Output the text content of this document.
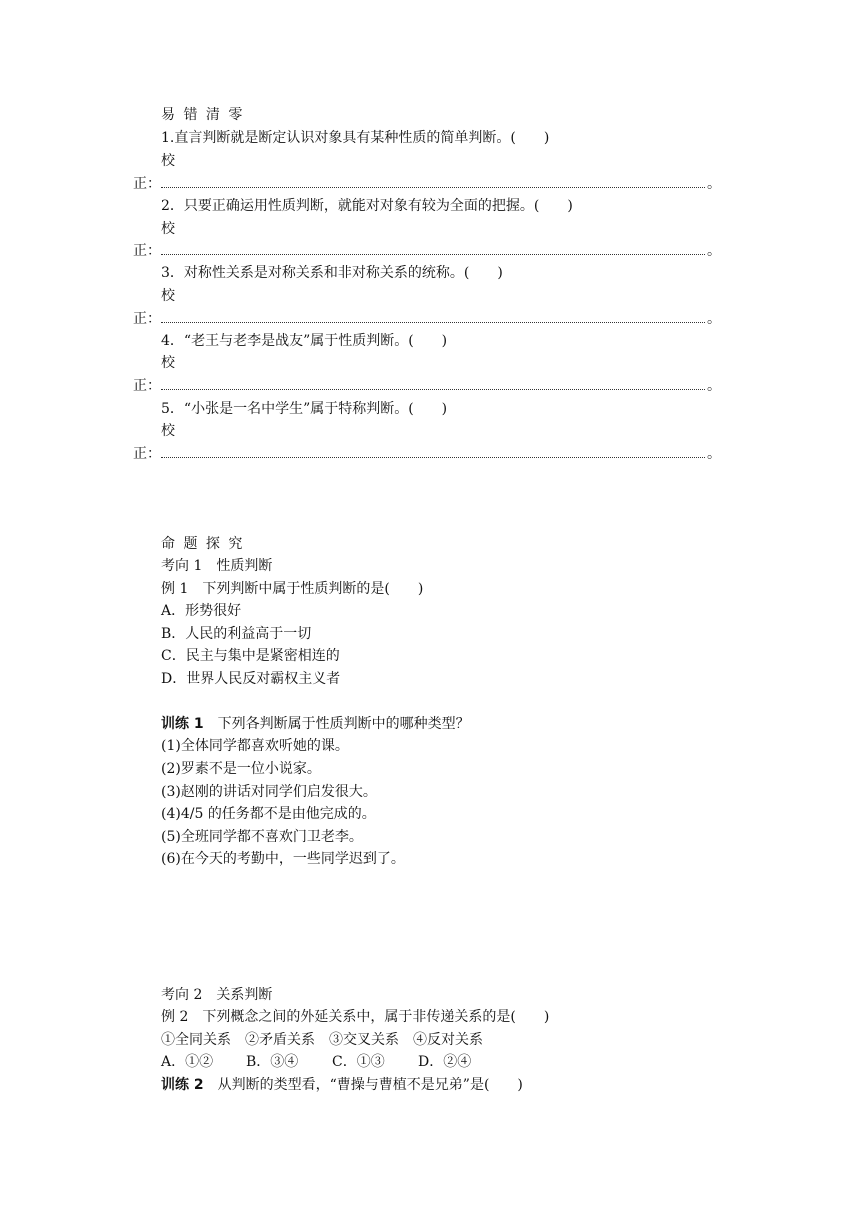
易 错 清 零
1.直言判断就是断定认识对象具有某种性质的简单判断。(　　)
校
正：	。
2．只要正确运用性质判断，就能对对象有较为全面的把握。(　　)
校
正：	。
3．对称性关系是对称关系和非对称关系的统称。(　　)
校
正：	。
4．“老王与老李是战友”属于性质判断。(　　)
校
正：	。
5．“小张是一名中学生”属于特称判断。(　　)
校
正：	。
命 题 探 究
考向 1　性质判断
例 1　下列判断中属于性质判断的是(　　)
A．形势很好
B．人民的利益高于一切
C．民主与集中是紧密相连的
D．世界人民反对霸权主义者
训练 1　下列各判断属于性质判断中的哪种类型？
(1)全体同学都喜欢听她的课。
(2)罗素不是一位小说家。
(3)赵刚的讲话对同学们启发很大。
(4)4/5 的任务都不是由他完成的。
(5)全班同学都不喜欢门卫老李。
(6)在今天的考勤中，一些同学迟到了。
考向 2　关系判断
例 2　下列概念之间的外延关系中，属于非传递关系的是(　　)
①全同关系　②矛盾关系　③交叉关系　④反对关系
A．①② B．③④ C．①③ D．②④
训练 2　从判断的类型看，“曹操与曹植不是兄弟”是(　　)
